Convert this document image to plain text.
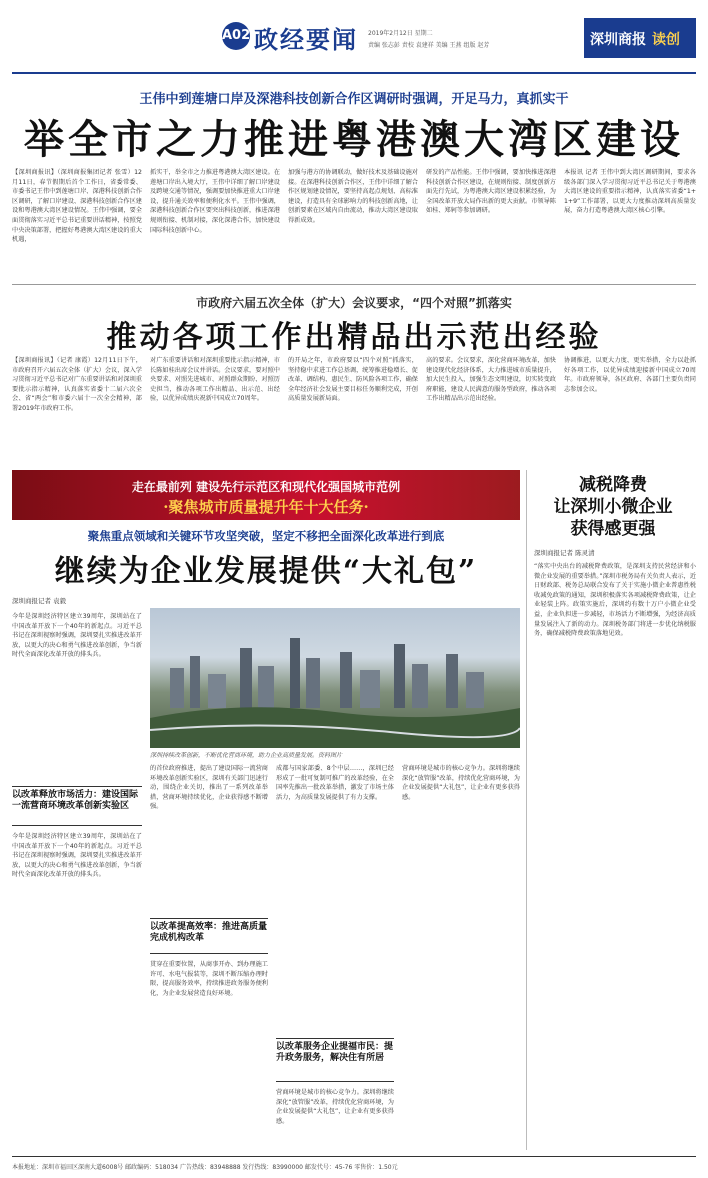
A02 政经要闻 2019年2月12日 星期二
责编 张志彭 责校 袁建祥 美编 王燕 组版 赵芳	深圳商报 读创
王伟中到莲塘口岸及深港科技创新合作区调研时强调，开足马力，真抓实干
举全市之力推进粤港澳大湾区建设
【深圳商报讯】（深圳商报集团记者 张雪）12月11日，春节假期后首个工作日，省委常委、市委书记王伟中到莲塘口岸、深港科技创新合作区调研，了解口岸建设、深港科技创新合作区建设和粤港澳大湾区建设情况。王伟中强调，要全面贯彻落实习近平总书记重要讲话精神，按照党中央决策部署，把握好粤港澳大湾区建设的重大机遇，
抓实干，举全市之力推进粤港澳大湾区建设。在莲塘口岸出入境大厅，王伟中详细了解口岸建设及跨境交通等情况，强调要加快推进重大口岸建设，提升通关效率和便利化水平。王伟中强调，深港科技创新合作区要突出科技创新，推进深港规则衔接、机制对接，深化深港合作，加快建设国际科技创新中心。
加强与港方的协调联动，做好技术及基础设施对接。在深港科技创新合作区，王伟中详细了解合作区规划建设情况，要坚持高起点规划、高标准建设，打造具有全球影响力的科技创新高地，让创新要素在区域内自由流动，推动大湾区建设取得新成效。
研发的产品性能。王伟中强调，要加快推进深港科技创新合作区建设，在规则衔接、制度创新方面先行先试，为粤港澳大湾区建设积累经验，为全国改革开放大局作出新的更大贡献。市领导陈如桂、郑轲等参加调研。
本报讯 记者 王伟中到大湾区调研期间，要求各级各部门深入学习贯彻习近平总书记关于粤港澳大湾区建设的重要指示精神，认真落实省委“1+1+9”工作部署，以更大力度推动深圳高质量发展，奋力打造粤港澳大湾区核心引擎。
市政府六届五次全体（扩大）会议要求，“四个对照”抓落实
推动各项工作出精品出示范出经验
【深圳商报讯】（记者 康霞）12月11日下午，市政府召开六届五次全体（扩大）会议，深入学习贯彻习近平总书记对广东重要讲话和对深圳重要批示指示精神，认真落实省委十二届六次全会、省“两会”和市委六届十一次全会精神，部署2019年市政府工作。
对广东重要讲话和对深圳重要批示指示精神，市长陈如桂出席会议并讲话。会议要求，要对照中央要求、对照先进城市、对照群众期盼、对照历史担当，推动各项工作出精品、出示范、出经验，以优异成绩庆祝新中国成立70周年。
的开局之年，市政府要以“四个对照”抓落实，坚持稳中求进工作总基调，统筹推进稳增长、促改革、调结构、惠民生、防风险各项工作，确保全年经济社会发展主要目标任务顺利完成，开创高质量发展新局面。
高的要求。会议要求，深化营商环境改革，加快建设现代化经济体系，大力推进城市质量提升，加大民生投入，加强生态文明建设，切实转变政府职能，建设人民满意的服务型政府，推动各项工作出精品出示范出经验。
协调推进，以更大力度、更实举措，全力以赴抓好各项工作，以优异成绩迎接新中国成立70周年。市政府领导，各区政府、各部门主要负责同志参加会议。
走在最前列 建设先行示范区和现代化强国城市范例
·聚焦城市质量提升年十大任务·
减税降费
让深圳小微企业
获得感更强
聚焦重点领域和关键环节攻坚突破，坚定不移把全面深化改革进行到底
继续为企业发展提供“大礼包”
深圳商报记者 袁毅
今年是深圳经济特区建立39周年，深圳站在了中国改革开放下一个40年的新起点。习近平总书记在深圳视察时强调，深圳要扎实推进改革开放，以更大的决心和勇气推进改革创新，争当新时代全面深化改革开放的排头兵。
以改革释放市场活力：建设国际一流营商环境改革创新实验区
今年是深圳经济特区建立39周年，深圳站在了中国改革开放下一个40年的新起点。习近平总书记在深圳视察时强调，深圳要扎实推进改革开放，以更大的决心和勇气推进改革创新，争当新时代全面深化改革开放的排头兵。
深圳持续改革创新，不断优化营商环境，助力企业高质量发展。资料图片
的首位政府推进，提出了建设国际一流营商环境改革创新实验区，深圳有关部门迅速行动，围绕企业关切，推出了一系列改革举措，营商环境持续优化，企业获得感不断增强。
以改革提高效率：推进高质量完成机构改革
贯穿在重要位置，从商事开办、到办理施工许可、水电气报装等，深圳不断压缩办理时限，提高服务效率，持续推进政务服务便利化，为企业发展营造良好环境。
成都与国家部委、8个中层……，深圳已经形成了一批可复制可推广的改革经验，在全国率先推出一批改革举措，激发了市场主体活力，为高质量发展提供了有力支撑。
以改革服务企业提福市民：提升政务服务，解决住有所居
营商环境是城市的核心竞争力。深圳将继续深化“放管服”改革，持续优化营商环境，为企业发展提供“大礼包”，让企业有更多获得感。
营商环境是城市的核心竞争力。深圳将继续深化“放管服”改革，持续优化营商环境，为企业发展提供“大礼包”，让企业有更多获得感。
深圳商报记者 陈灵清
“落实中央出台的减税降费政策，是深圳支持民营经济和小微企业发展的重要举措。”深圳市税务局有关负责人表示，近日财政部、税务总局联合发布了关于实施小微企业普惠性税收减免政策的通知，深圳积极落实各项减税降费政策，让企业轻装上阵。政策实施后，深圳约有数十万户小微企业受益，企业负担进一步减轻，市场活力不断增强，为经济高质量发展注入了新的动力。深圳税务部门将进一步优化纳税服务，确保减税降费政策落地见效。
本报地址：深圳市福田区深南大道6008号 邮政编码：518034 广告热线：83948888 发行热线：83990000 邮发代号：45-76 零售价：1.50元
